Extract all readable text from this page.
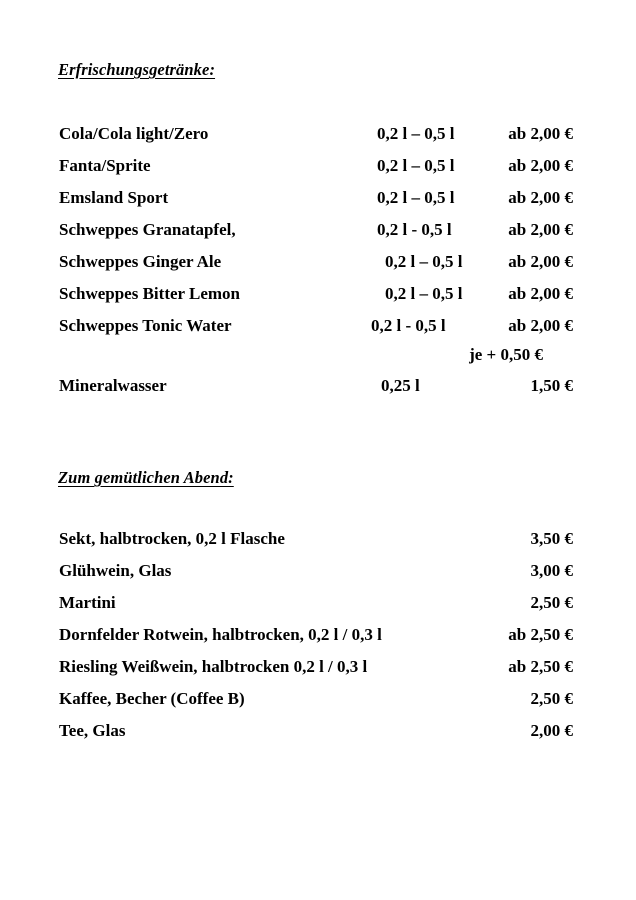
Erfrischungsgetränke:
Cola/Cola light/Zero	0,2 l – 0,5 l	ab 2,00 €
Fanta/Sprite	0,2 l – 0,5 l	ab 2,00 €
Emsland Sport	0,2 l – 0,5 l	ab 2,00 €
Schweppes Granatapfel,	0,2 l - 0,5 l	ab 2,00 €
Schweppes Ginger Ale	0,2 l – 0,5 l	ab 2,00 €
Schweppes Bitter Lemon	0,2 l – 0,5 l	ab 2,00 €
Schweppes Tonic Water	0,2 l - 0,5 l	ab 2,00 €
je + 0,50 €
Mineralwasser	0,25 l	1,50 €
Zum gemütlichen Abend:
Sekt, halbtrocken, 0,2 l Flasche	3,50 €
Glühwein, Glas	3,00 €
Martini	2,50 €
Dornfelder Rotwein, halbtrocken, 0,2 l / 0,3 l	ab 2,50 €
Riesling Weißwein, halbtrocken 0,2 l / 0,3 l	ab 2,50 €
Kaffee, Becher (Coffee B)	2,50 €
Tee, Glas	2,00 €
